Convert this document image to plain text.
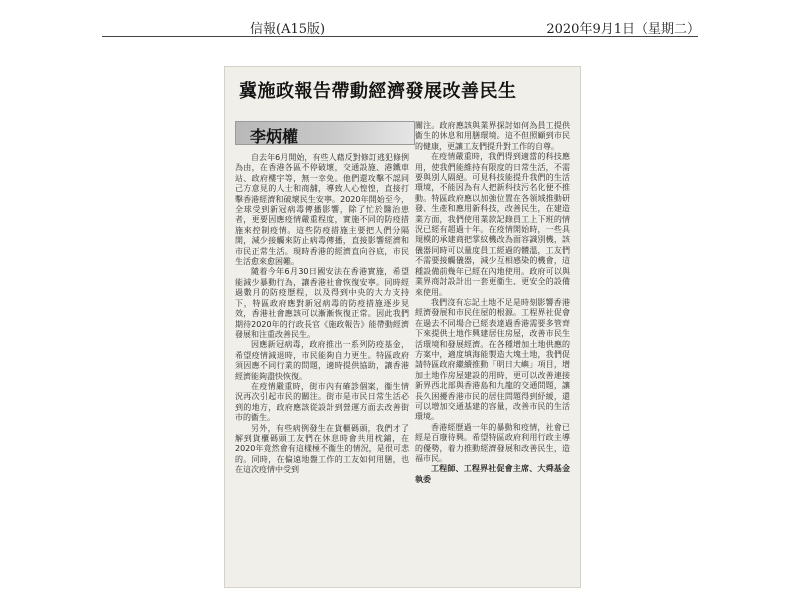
信報(A15版)	2020年9月1日（星期二）
冀施政報告帶動經濟發展改善民生
李炳權

自去年6月開始，有些人藉反對修訂逃犯條例為由，在香港各區不停破壞，交通設施、港鐵車站、政府樓宇等，無一幸免。他們還攻擊不認同己方意見的人士和商舖，導致人心惶惶，直接打擊香港經濟和破壞民生安寧。2020年開始至今，全球受到新冠病毒傳播影響，除了忙於醫治患者，更要因應疫情嚴重程度，實施不同的防疫措施來控制疫情。這些防疫措施主要把人們分隔開，減少接觸來防止病毒傳播，直接影響經濟和市民正常生活。現時香港的經濟直向谷底，市民生活愈來愈困難。

隨着今年6月30日國安法在香港實施，希望能減少暴動行為，讓香港社會恢復安寧。同時經過數月的防疫歷程，以及得到中央的大力支持下，特區政府應對新冠病毒的防疫措施逐步見效，香港社會應該可以漸漸恢復正常。因此我們期待2020年的行政長官《施政報告》能帶動經濟發展和注重改善民生。

因應新冠病毒，政府推出一系列防疫基金，希望疫情減退時，市民能夠自力更生。特區政府須因應不同行業的問題，適時提供協助，讓香港經濟能夠盡快恢復。

在疫情嚴重時，街市內有確診個案，衞生情況再次引起市民的關注。街市是市民日常生活必到的地方，政府應該從設計到營運方面去改善街市的衞生。

另外，有些病例發生在貨櫃碼頭，我們才了解到貨櫃碼頭工友們在休息時會共用枕鋪，在2020年竟然會有這樣極不衞生的情況，是很可悲的。同時，在偏遠地盤工作的工友如何用膳，也在這次疫情中受到

關注。政府應該與業界探討如何為員工提供衞生的休息和用膳環境。這不但照顧到市民的健康，更讓工友們提升對工作的自尊。

在疫情嚴重時，我們得到適當的科技應用，使我們能維持有限度的日常生活，不需要與別人隔絕。可見科技能提升我們的生活環境，不能因為有人把新科技污名化便不推動。特區政府應以加強位置在各領域推動研發、生產和應用新科技，改善民生，在建造業方面，我們使用業款記錄員工上下班的情況已經有超過十年。在疫情開始時，一些具規模的承建商把掌紋機改為面容識別機，該儀器同時可以量度員工經過的體溫，工友們不需要接觸儀器，減少互相感染的機會，這種設備前幾年已經在內地使用。政府可以與業界商討設計出一套更衞生、更安全的設備來使用。

我們沒有忘記土地不足是時刻影響香港經濟發展和市民住屋的根源。工程界社促會在過去不同場合已經表達過香港需要多管齊下來提供土地作興建居住房屋，改善市民生活環境和發展經濟。在各種增加土地供應的方案中，適度填海能製造大塊土地，我們促請特區政府繼續推動「明日大嶼」項目，增加土地作房屋建設的用時，更可以改善連接新界西北部與香港島和九龍的交通問題，讓長久困擾香港市民的居住問題得到紓緩，還可以增加交通基建的容量，改善市民的生活環境。

香港經歷過一年的暴動和疫情，社會已經是百廢待興。希望特區政府利用行政主導的優勢，着力推動經濟發展和改善民生，造福市民。

工程師、工程界社促會主席、大舜基金執委
